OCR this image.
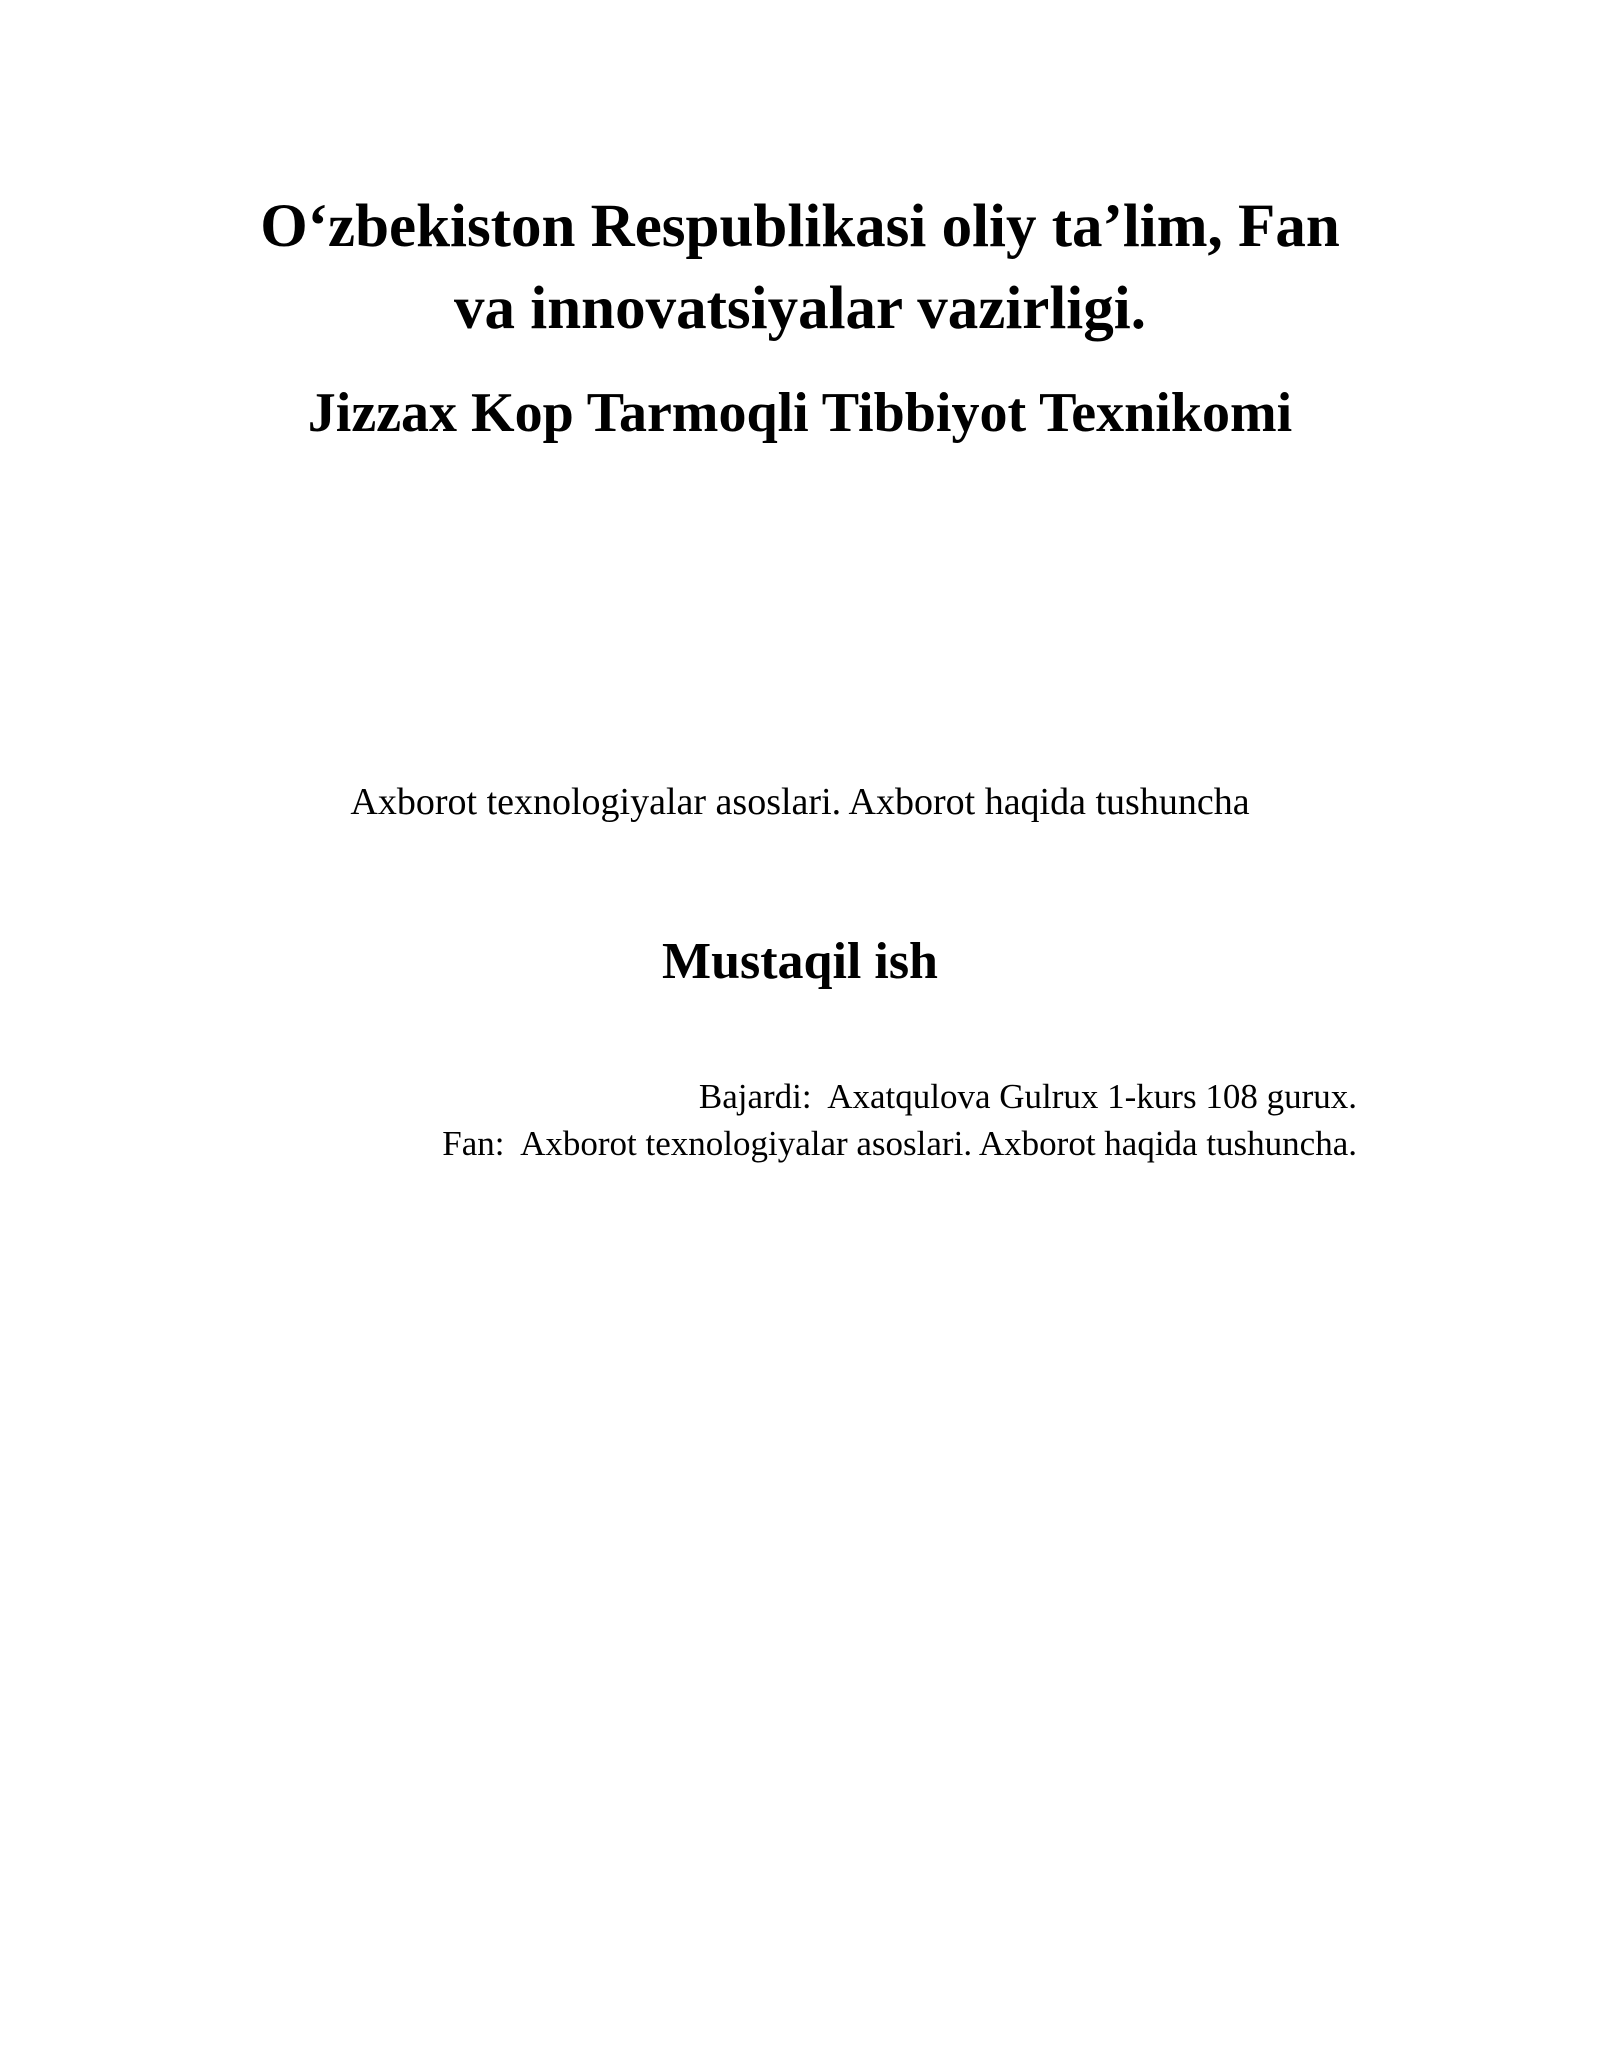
O‘zbekiston Respublikasi oliy ta’lim, Fan
va innovatsiyalar vazirligi.
Jizzax Kop Tarmoqli Tibbiyot Texnikomi

Axborot texnologiyalar asoslari. Axborot haqida tushuncha

Mustaqil ish
Bajardi:  Axatqulova Gulrux 1-kurs 108 gurux.
Fan:  Axborot texnologiyalar asoslari. Axborot haqida tushuncha.
